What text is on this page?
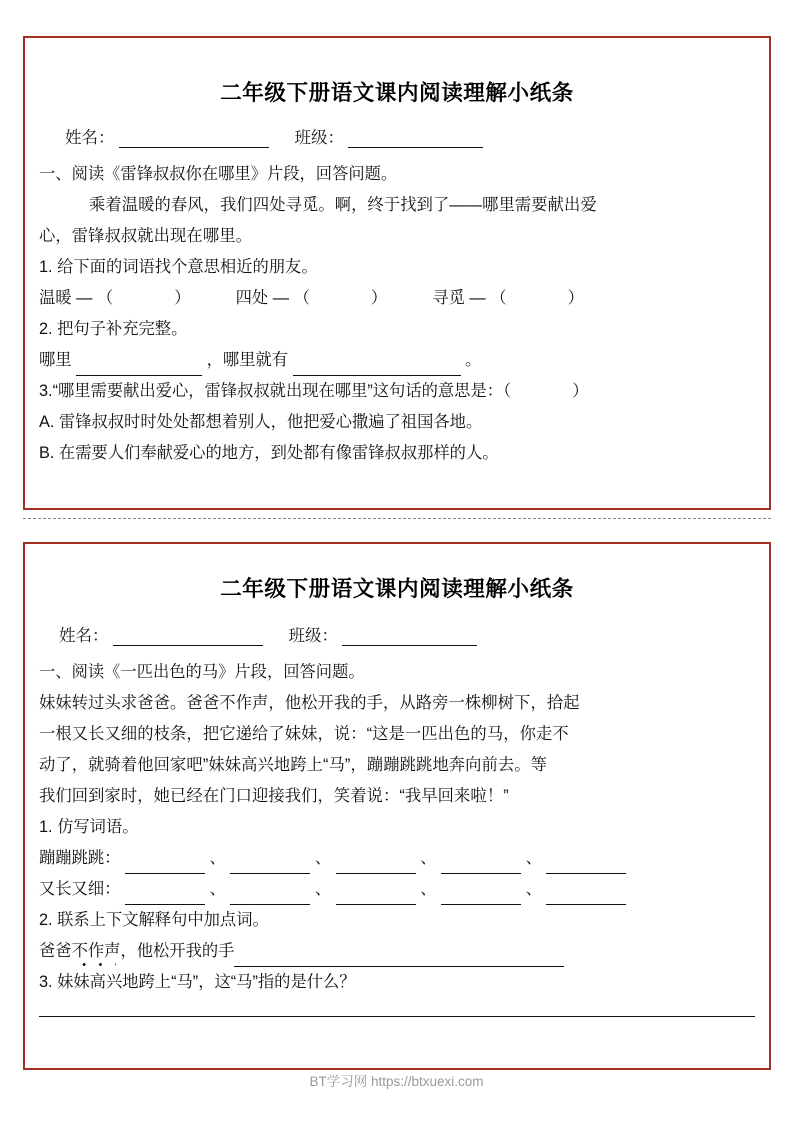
二年级下册语文课内阅读理解小纸条
姓名：	班级：
一、阅读《雷锋叔叔你在哪里》片段，回答问题。
乘着温暖的春风，我们四处寻觅。啊，终于找到了——哪里需要献出爱
心，雷锋叔叔就出现在哪里。
1. 给下面的词语找个意思相近的朋友。
温暖 — （	）	四处 — （	）	寻觅 — （	）
2. 把句子补充完整。
哪里	，哪里就有	。
3.“哪里需要献出爱心，雷锋叔叔就出现在哪里”这句话的意思是：（	）
A. 雷锋叔叔时时处处都想着别人，他把爱心撒遍了祖国各地。
B. 在需要人们奉献爱心的地方，到处都有像雷锋叔叔那样的人。
二年级下册语文课内阅读理解小纸条
姓名：	班级：
一、阅读《一匹出色的马》片段，回答问题。
妹妹转过头求爸爸。爸爸不作声，他松开我的手，从路旁一株柳树下，拾起
一根又长又细的枝条，把它递给了妹妹，说：“这是一匹出色的马，你走不
动了，就骑着他回家吧”妹妹高兴地跨上“马”，蹦蹦跳跳地奔向前去。等
我们回到家时，她已经在门口迎接我们，笑着说：“我早回来啦！”
1. 仿写词语。
蹦蹦跳跳：	、	、	、	、
又长又细：	、	、	、	、
2. 联系上下文解释句中加点词。
爸爸不作声，他松开我的手
3. 妹妹高兴地跨上“马”，这“马”指的是什么？
BT学习网 https://btxuexi.com
